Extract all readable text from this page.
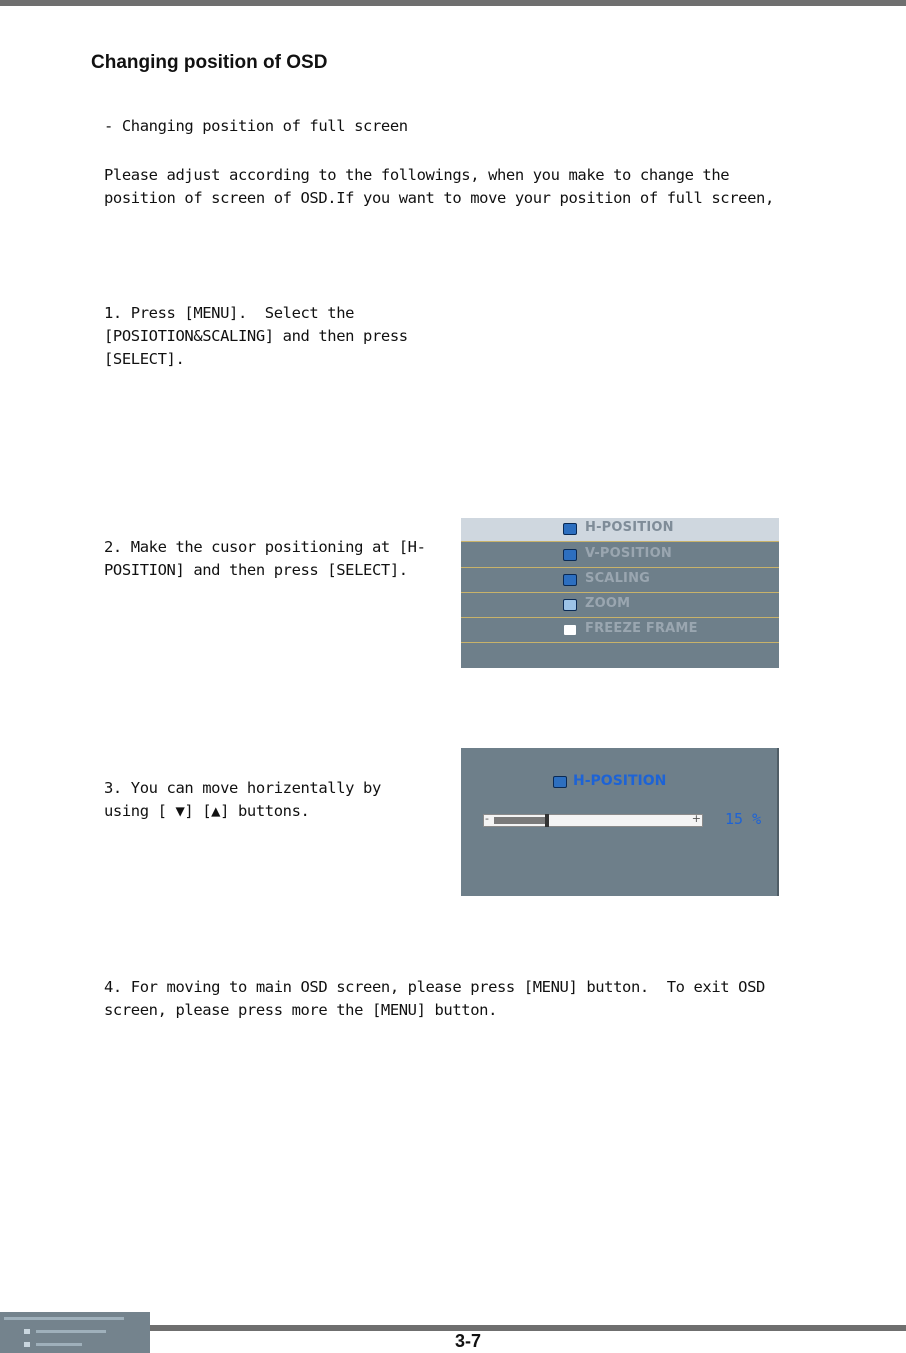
Changing position of OSD

- Changing position of full screen

Please adjust according to the followings, when you make to change the
position of screen of OSD.If you want to move your position of full screen,

1. Press [MENU].  Select the
[POSIOTION&SCALING] and then press
[SELECT].

2. Make the cusor positioning at [H-
POSITION] and then press [SELECT].

3. You can move horizentally by
using [ ▼] [▲] buttons.

4. For moving to main OSD screen, please press [MENU] button.  To exit OSD
screen, please press more the [MENU] button.

H-POSITION
V-POSITION
SCALING
ZOOM
FREEZE FRAME
H-POSITION
-	+ 15 %
3-7
